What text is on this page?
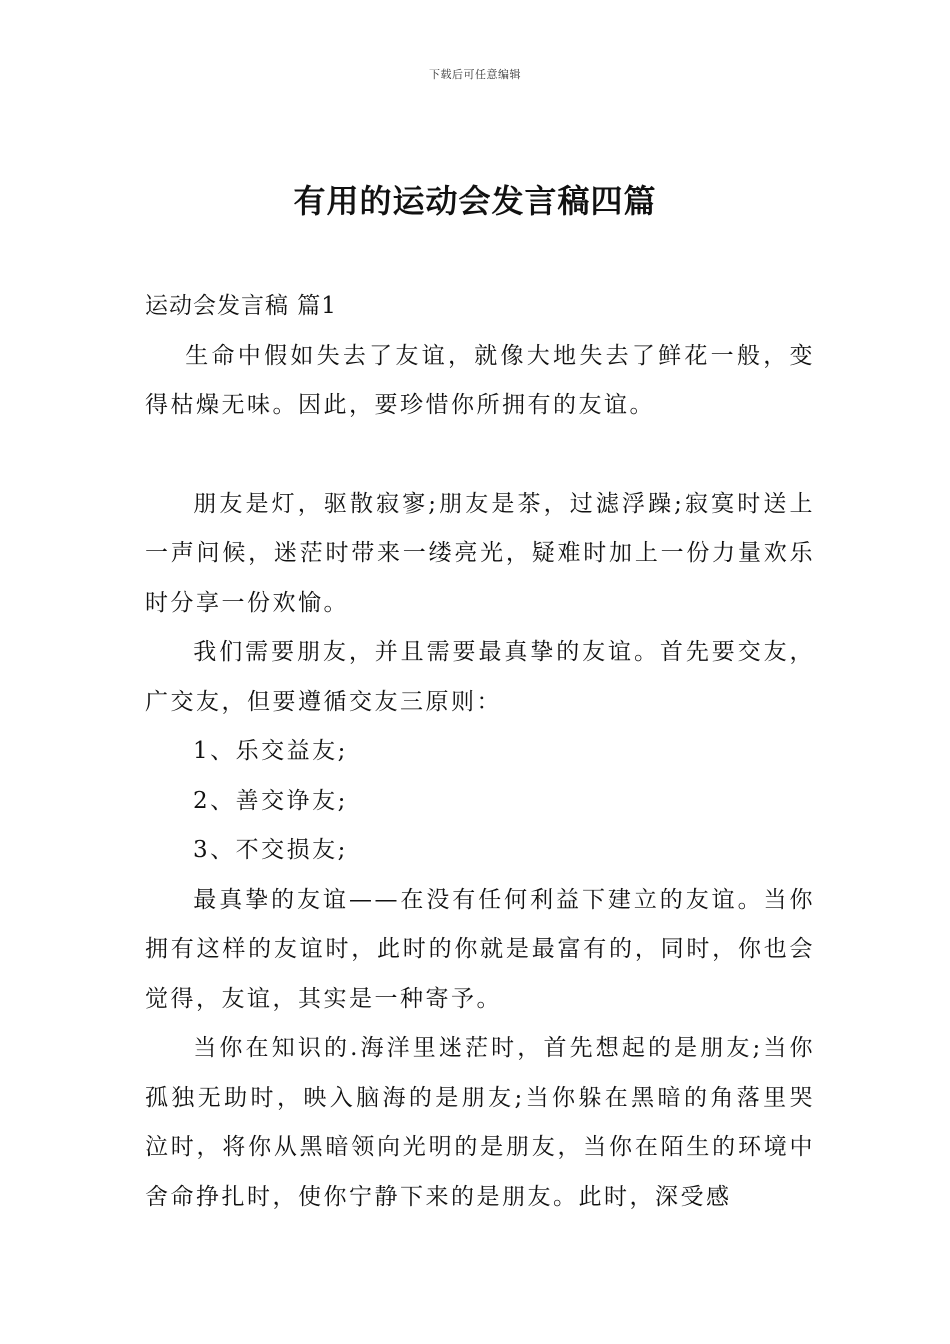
下载后可任意编辑
有用的运动会发言稿四篇

运动会发言稿 篇1

生命中假如失去了友谊，就像大地失去了鲜花一般，变得枯燥无味。因此，要珍惜你所拥有的友谊。

朋友是灯，驱散寂寥;朋友是茶，过滤浮躁;寂寞时送上一声问候，迷茫时带来一缕亮光，疑难时加上一份力量欢乐时分享一份欢愉。

我们需要朋友，并且需要最真挚的友谊。首先要交友，广交友，但要遵循交友三原则：

1、乐交益友;

2、善交诤友;

3、不交损友;

最真挚的友谊——在没有任何利益下建立的友谊。当你拥有这样的友谊时，此时的你就是最富有的，同时，你也会觉得，友谊，其实是一种寄予。

当你在知识的.海洋里迷茫时，首先想起的是朋友;当你孤独无助时，映入脑海的是朋友;当你躲在黑暗的角落里哭泣时，将你从黑暗领向光明的是朋友，当你在陌生的环境中舍命挣扎时，使你宁静下来的是朋友。此时，深受感
